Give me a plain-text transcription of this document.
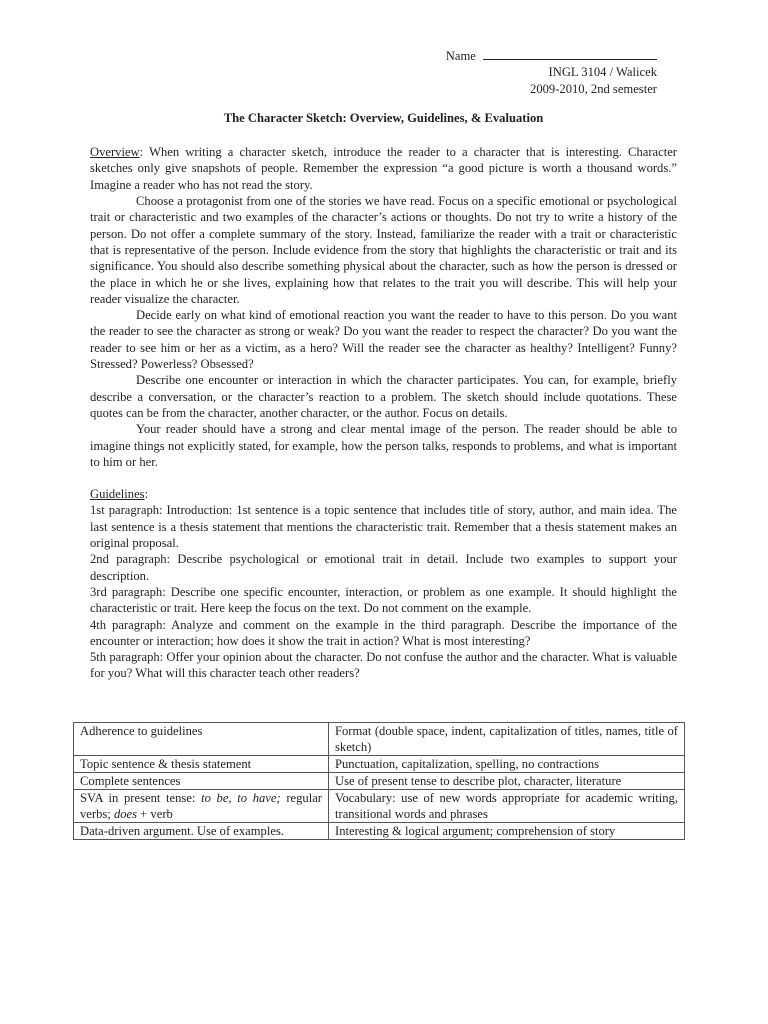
Name
INGL 3104 / Walicek
2009-2010, 2nd semester
The Character Sketch: Overview, Guidelines, & Evaluation

Overview: When writing a character sketch, introduce the reader to a character that is interesting. Character sketches only give snapshots of people. Remember the expression “a good picture is worth a thousand words.” Imagine a reader who has not read the story.

Choose a protagonist from one of the stories we have read. Focus on a specific emotional or psychological trait or characteristic and two examples of the character’s actions or thoughts. Do not try to write a history of the person. Do not offer a complete summary of the story. Instead, familiarize the reader with a trait or characteristic that is representative of the person. Include evidence from the story that highlights the characteristic or trait and its significance. You should also describe something physical about the character, such as how the person is dressed or the place in which he or she lives, explaining how that relates to the trait you will describe. This will help your reader visualize the character.

Decide early on what kind of emotional reaction you want the reader to have to this person. Do you want the reader to see the character as strong or weak? Do you want the reader to respect the character? Do you want the reader to see him or her as a victim, as a hero? Will the reader see the character as healthy? Intelligent? Funny? Stressed? Powerless? Obsessed?

Describe one encounter or interaction in which the character participates. You can, for example, briefly describe a conversation, or the character’s reaction to a problem. The sketch should include quotations. These quotes can be from the character, another character, or the author. Focus on details.

Your reader should have a strong and clear mental image of the person. The reader should be able to imagine things not explicitly stated, for example, how the person talks, responds to problems, and what is important to him or her.

Guidelines:

1st paragraph: Introduction: 1st sentence is a topic sentence that includes title of story, author, and main idea. The last sentence is a thesis statement that mentions the characteristic trait. Remember that a thesis statement makes an original proposal.

2nd paragraph: Describe psychological or emotional trait in detail. Include two examples to support your description.

3rd paragraph: Describe one specific encounter, interaction, or problem as one example. It should highlight the characteristic or trait. Here keep the focus on the text. Do not comment on the example.

4th paragraph: Analyze and comment on the example in the third paragraph. Describe the importance of the encounter or interaction; how does it show the trait in action? What is most interesting?

5th paragraph: Offer your opinion about the character. Do not confuse the author and the character. What is valuable for you? What will this character teach other readers?

Adherence to guidelines	Format (double space, indent, capitalization of titles, names, title of sketch)
Topic sentence & thesis statement	Punctuation, capitalization, spelling, no contractions
Complete sentences	Use of present tense to describe plot, character, literature
SVA in present tense: to be, to have; regular verbs; does + verb	Vocabulary: use of new words appropriate for academic writing, transitional words and phrases
Data-driven argument. Use of examples.	Interesting & logical argument; comprehension of story
